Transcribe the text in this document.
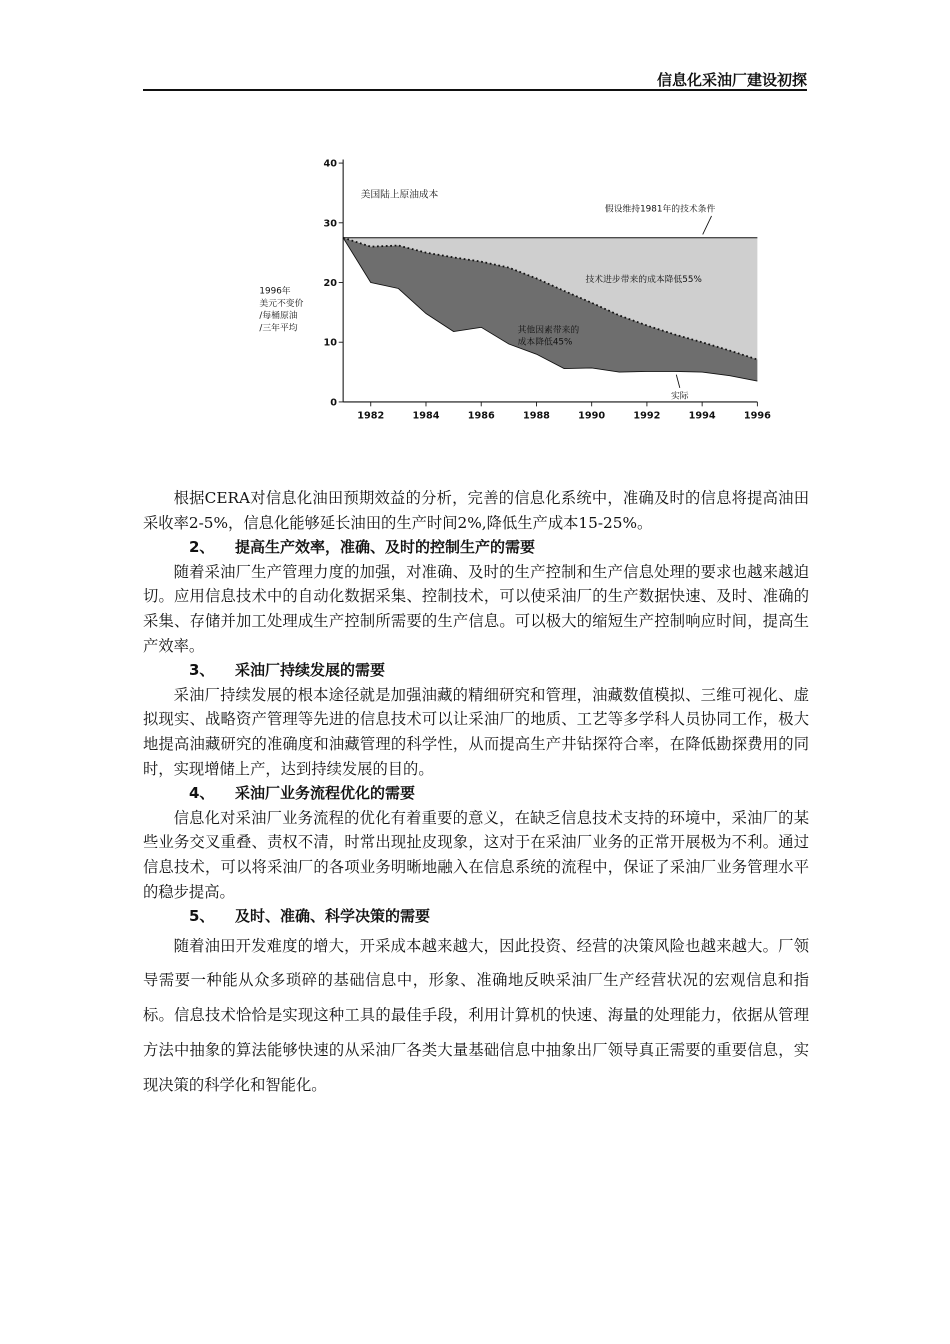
信息化采油厂建设初探
0
10
20
30
40
1982	1984	1986	1988	1990	1992	1994	1996
美国陆上原油成本
1996年
美元不变价
/每桶原油
/三年平均
假设维持1981年的技术条件
技术进步带来的成本降低55%
其他因素带来的
成本降低45%
实际

根据CERA对信息化油田预期效益的分析，完善的信息化系统中，准确及时的信息将提高油田采收率2-5%，信息化能够延长油田的生产时间2%,降低生产成本15-25%。

2、 提高生产效率，准确、及时的控制生产的需要

随着采油厂生产管理力度的加强，对准确、及时的生产控制和生产信息处理的要求也越来越迫切。应用信息技术中的自动化数据采集、控制技术，可以使采油厂的生产数据快速、及时、准确的采集、存储并加工处理成生产控制所需要的生产信息。可以极大的缩短生产控制响应时间，提高生产效率。

3、 采油厂持续发展的需要

采油厂持续发展的根本途径就是加强油藏的精细研究和管理，油藏数值模拟、三维可视化、虚拟现实、战略资产管理等先进的信息技术可以让采油厂的地质、工艺等多学科人员协同工作，极大地提高油藏研究的准确度和油藏管理的科学性，从而提高生产井钻探符合率，在降低勘探费用的同时，实现增储上产，达到持续发展的目的。

4、 采油厂业务流程优化的需要

信息化对采油厂业务流程的优化有着重要的意义，在缺乏信息技术支持的环境中，采油厂的某些业务交叉重叠、责权不清，时常出现扯皮现象，这对于在采油厂业务的正常开展极为不利。通过信息技术，可以将采油厂的各项业务明晰地融入在信息系统的流程中，保证了采油厂业务管理水平的稳步提高。

5、 及时、准确、科学决策的需要

随着油田开发难度的增大，开采成本越来越大，因此投资、经营的决策风险也越来越大。厂领导需要一种能从众多琐碎的基础信息中，形象、准确地反映采油厂生产经营状况的宏观信息和指标。信息技术恰恰是实现这种工具的最佳手段，利用计算机的快速、海量的处理能力，依据从管理方法中抽象的算法能够快速的从采油厂各类大量基础信息中抽象出厂领导真正需要的重要信息，实现决策的科学化和智能化。
